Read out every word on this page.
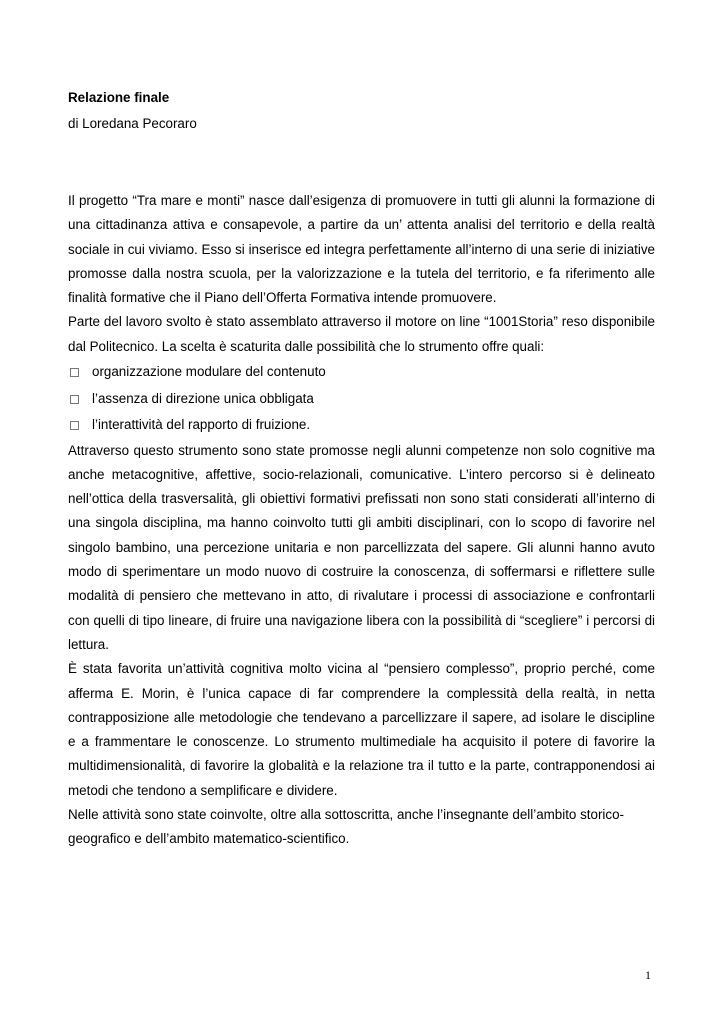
Relazione finale
di Loredana Pecoraro

Il progetto “Tra mare e monti” nasce dall’esigenza di promuovere in tutti gli alunni la formazione di una cittadinanza attiva e consapevole, a partire da un’ attenta analisi del territorio e della realtà sociale in cui viviamo. Esso si inserisce ed integra perfettamente all’interno di una serie di iniziative promosse dalla nostra scuola, per la valorizzazione e la tutela del territorio, e fa riferimento alle finalità formative che il Piano dell’Offerta Formativa intende promuovere.

Parte del lavoro svolto è stato assemblato attraverso il motore on line “1001Storia” reso disponibile dal Politecnico. La scelta è scaturita dalle possibilità che lo strumento offre quali:

organizzazione modulare del contenuto
l’assenza di direzione unica obbligata
l’interattività del rapporto di fruizione.

Attraverso questo strumento sono state promosse negli alunni competenze non solo cognitive ma anche metacognitive, affettive, socio-relazionali, comunicative. L’intero percorso si è delineato nell’ottica della trasversalità, gli obiettivi formativi prefissati non sono stati considerati all’interno di una singola disciplina, ma hanno coinvolto tutti gli ambiti disciplinari, con lo scopo di favorire nel singolo bambino, una percezione unitaria e non parcellizzata del sapere. Gli alunni hanno avuto modo di sperimentare un modo nuovo di costruire la conoscenza, di soffermarsi e riflettere sulle modalità di pensiero che mettevano in atto, di rivalutare i processi di associazione e confrontarli con quelli di tipo lineare, di fruire una navigazione libera con la possibilità di “scegliere” i percorsi di lettura.

È stata favorita un’attività cognitiva molto vicina al “pensiero complesso”, proprio perché, come afferma E. Morin, è l’unica capace di far comprendere la complessità della realtà, in netta contrapposizione alle metodologie che tendevano a parcellizzare il sapere, ad isolare le discipline e a frammentare le conoscenze. Lo strumento multimediale ha acquisito il potere di favorire la multidimensionalità, di favorire la globalità e la relazione tra il tutto e la parte, contrapponendosi ai metodi che tendono a semplificare e dividere.

Nelle attività sono state coinvolte, oltre alla sottoscritta, anche l’insegnante dell’ambito storico-geografico e dell’ambito matematico-scientifico.

1
